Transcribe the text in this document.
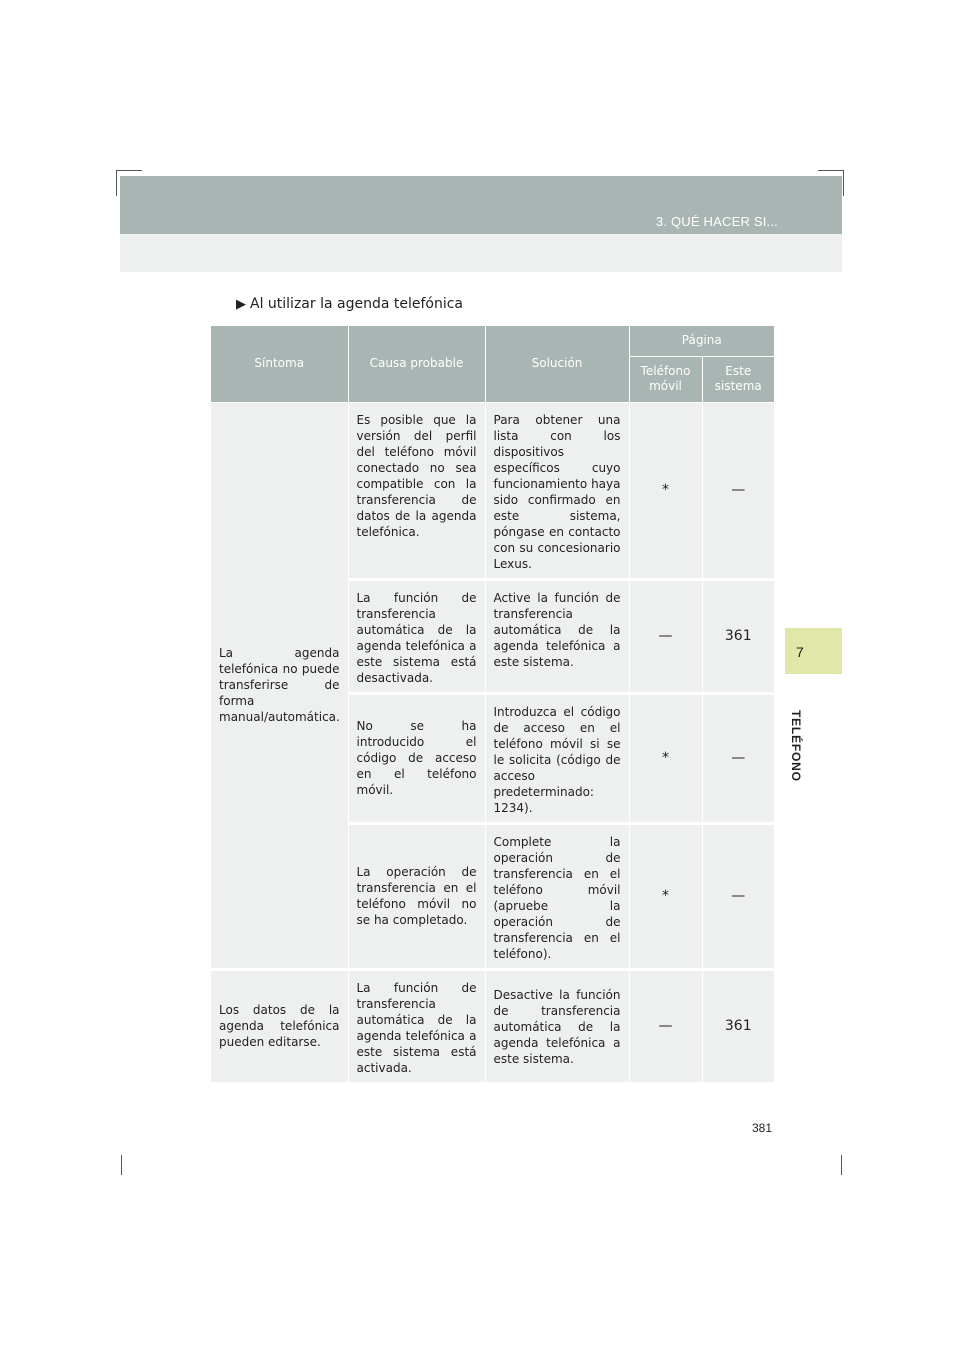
3. QUÉ HACER SI...
▶ Al utilizar la agenda telefónica
Síntoma	Causa probable	Solución	Página	
			Teléfono móvil	Este sistema
La agenda telefónica no puede transferirse de forma manual/automática.	Es posible que la versión del perfil del teléfono móvil conectado no sea compatible con la transferencia de datos de la agenda telefónica.	Para obtener una lista con los dispositivos específicos cuyo funcionamiento haya sido confirmado en este sistema, póngase en contacto con su concesionario Lexus.	*	—
	La función de transferencia automática de la agenda telefónica a este sistema está desactivada.	Active la función de transferencia automática de la agenda telefónica a este sistema.	—	361
	No se ha introducido el código de acceso en el teléfono móvil.	Introduzca el código de acceso en el teléfono móvil si se le solicita (código de acceso predeterminado: 1234).	*	—
	La operación de transferencia en el teléfono móvil no se ha completado.	Complete la operación de transferencia en el teléfono móvil (apruebe la operación de transferencia en el teléfono).	*	—
Los datos de la agenda telefónica pueden editarse.	La función de transferencia automática de la agenda telefónica a este sistema está activada.	Desactive la función de transferencia automática de la agenda telefónica a este sistema.	—	361
7
TELÉFONO
381
